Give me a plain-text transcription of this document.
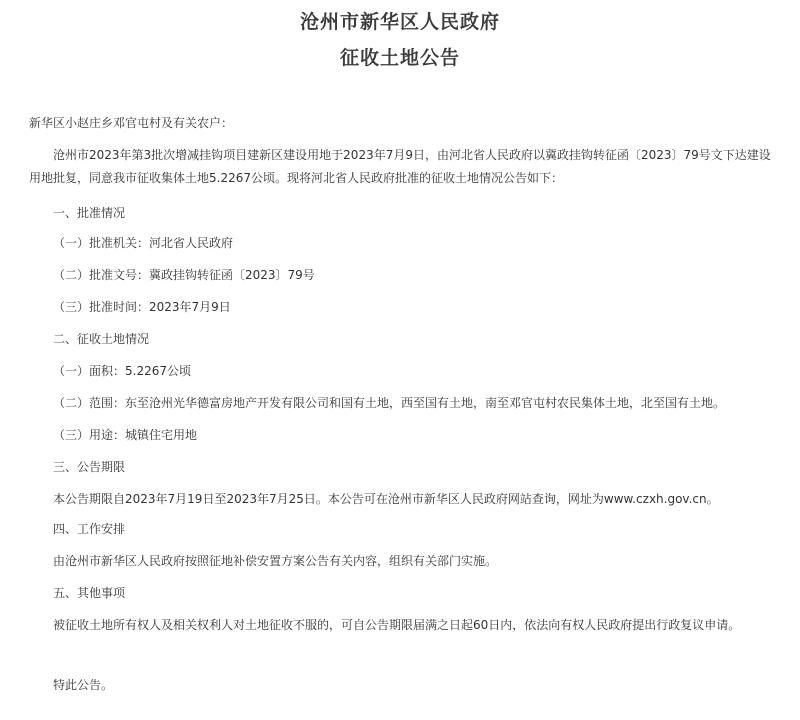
沧州市新华区人民政府
征收土地公告
新华区小赵庄乡邓官屯村及有关农户：
沧州市2023年第3批次增减挂钩项目建新区建设用地于2023年7月9日，由河北省人民政府以冀政挂钩转征函〔2023〕79号文下达建设用地批复，同意我市征收集体土地5.2267公顷。现将河北省人民政府批准的征收土地情况公告如下：
一、批准情况
（一）批准机关：河北省人民政府
（二）批准文号：冀政挂钩转征函〔2023〕79号
（三）批准时间：2023年7月9日
二、征收土地情况
（一）面积：5.2267公顷
（二）范围：东至沧州光华德富房地产开发有限公司和国有土地，西至国有土地，南至邓官屯村农民集体土地，北至国有土地。
（三）用途：城镇住宅用地
三、公告期限
本公告期限自2023年7月19日至2023年7月25日。本公告可在沧州市新华区人民政府网站查询，网址为www.czxh.gov.cn。
四、工作安排
由沧州市新华区人民政府按照征地补偿安置方案公告有关内容，组织有关部门实施。
五、其他事项
被征收土地所有权人及相关权利人对土地征收不服的，可自公告期限届满之日起60日内，依法向有权人民政府提出行政复议申请。
特此公告。
